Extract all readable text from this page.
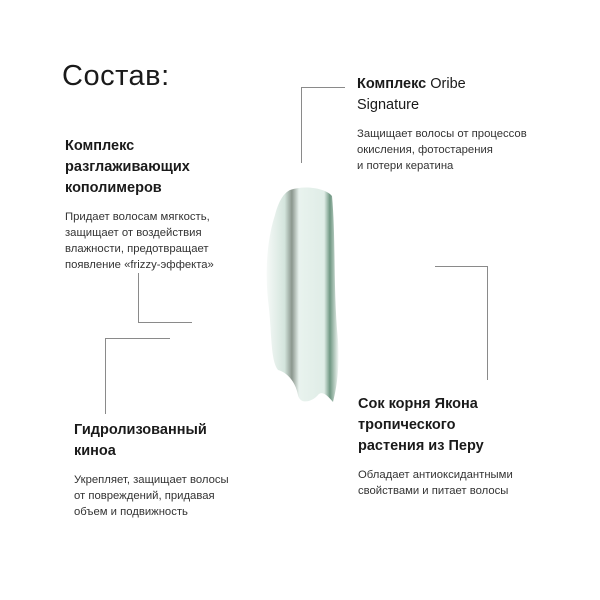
Состав:	Комплекс Oribe
Signature
Защищает волосы от процессов
окисления, фотостарения
и потери кератина
Комплекс
разглаживающих
кополимеров
Придает волосам мягкость,
защищает от воздействия
влажности, предотвращает
появление «frizzy-эффекта»
Гидролизованный
киноа
Укрепляет, защищает волосы
от повреждений, придавая
объем и подвижность
Сок корня Якона
тропического
растения из Перу
Обладает антиоксидантными
свойствами и питает волосы
